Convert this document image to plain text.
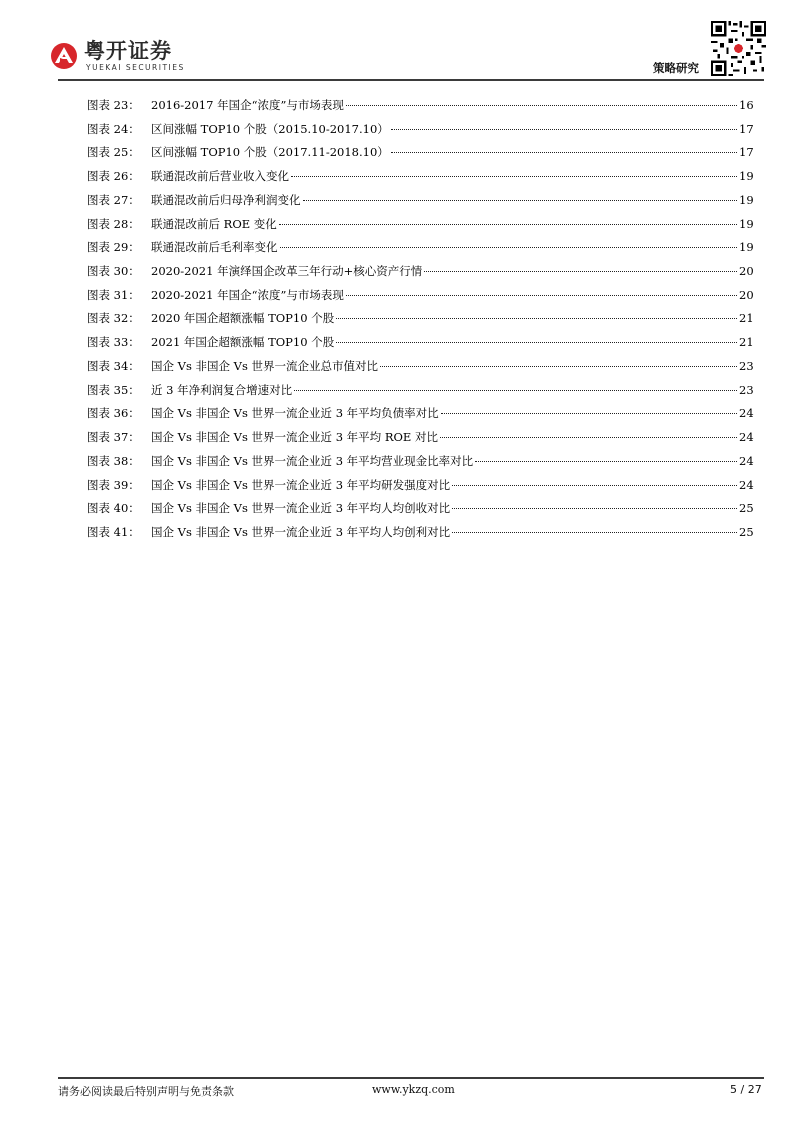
粤开证券
YUEKAI SECURITIES	策略研究
图表 23： 2016-2017 年国企“浓度”与市场表现	16
图表 24： 区间涨幅 TOP10 个股（2015.10-2017.10）	17
图表 25： 区间涨幅 TOP10 个股（2017.11-2018.10）	17
图表 26： 联通混改前后营业收入变化	19
图表 27： 联通混改前后归母净利润变化	19
图表 28： 联通混改前后 ROE 变化	19
图表 29： 联通混改前后毛利率变化	19
图表 30： 2020-2021 年演绎国企改革三年行动+核心资产行情	20
图表 31： 2020-2021 年国企“浓度”与市场表现	20
图表 32： 2020 年国企超额涨幅 TOP10 个股	21
图表 33： 2021 年国企超额涨幅 TOP10 个股	21
图表 34： 国企 Vs 非国企 Vs 世界一流企业总市值对比	23
图表 35： 近 3 年净利润复合增速对比	23
图表 36： 国企 Vs 非国企 Vs 世界一流企业近 3 年平均负债率对比	24
图表 37： 国企 Vs 非国企 Vs 世界一流企业近 3 年平均 ROE 对比	24
图表 38： 国企 Vs 非国企 Vs 世界一流企业近 3 年平均营业现金比率对比	24
图表 39： 国企 Vs 非国企 Vs 世界一流企业近 3 年平均研发强度对比	24
图表 40： 国企 Vs 非国企 Vs 世界一流企业近 3 年平均人均创收对比	25
图表 41： 国企 Vs 非国企 Vs 世界一流企业近 3 年平均人均创利对比	25
请务必阅读最后特别声明与免责条款	www.ykzq.com	5 / 27
